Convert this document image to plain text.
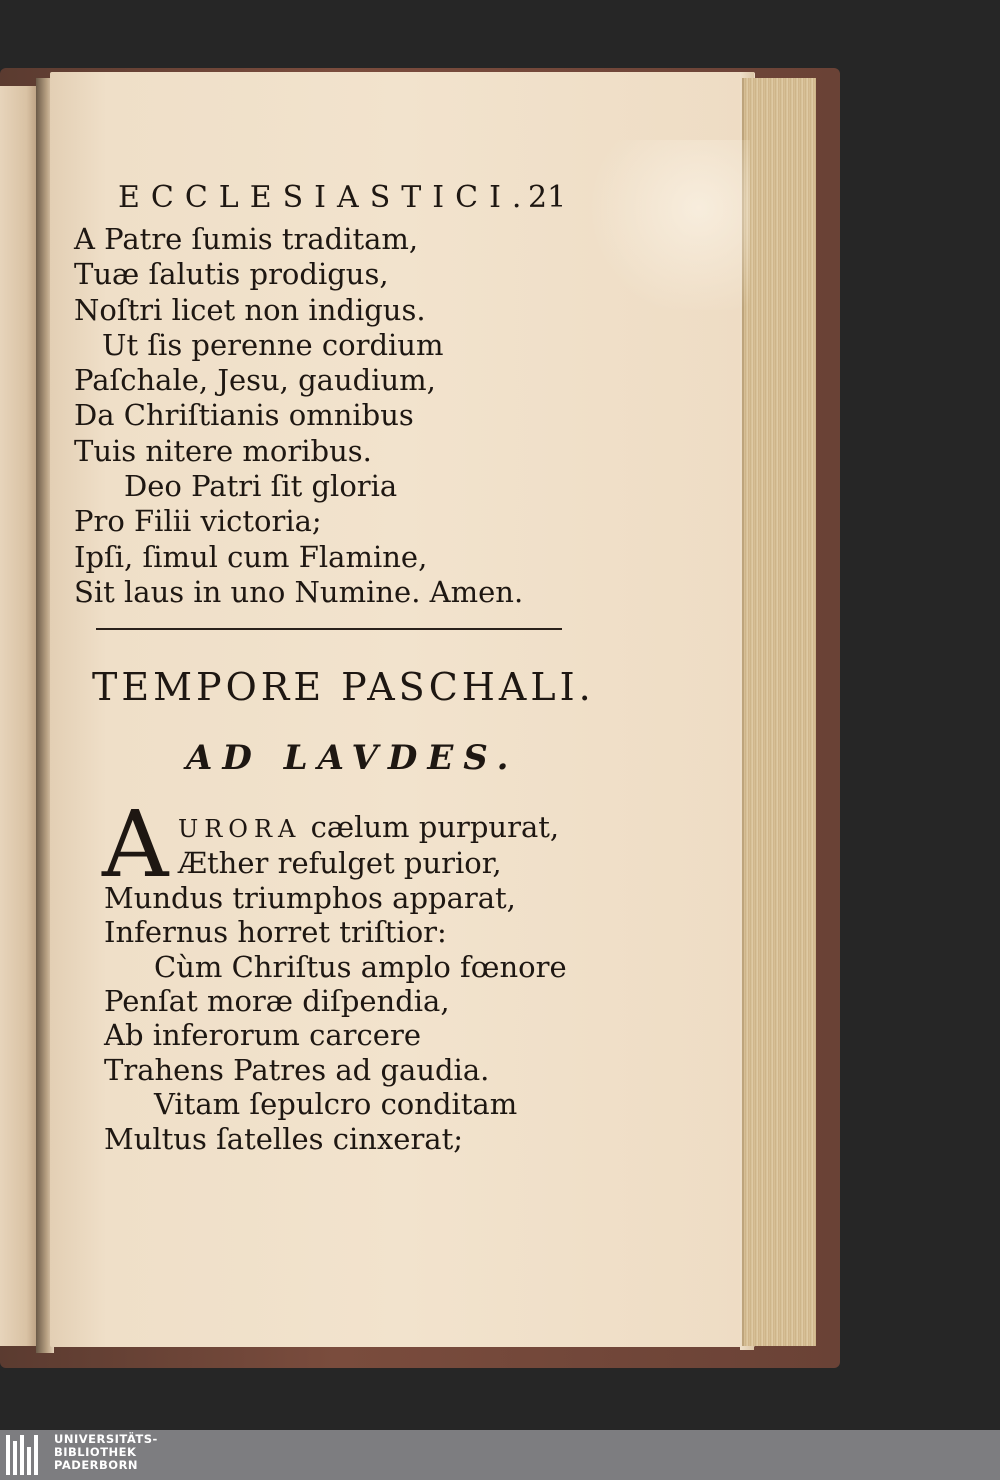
ECCLESIASTICI.
21
A Patre ſumis traditam,
Tuæ ſalutis prodigus,
Noſtri licet non indigus.
Ut ſis perenne cordium
Paſchale, Jesu, gaudium,
Da Chriſtianis omnibus
Tuis nitere moribus.
Deo Patri ſit gloria
Pro Filii victoria;
Ipſi, ſimul cum Flamine,
Sit laus in uno Numine. Amen.
TEMPORE PASCHALI.
AD LAVDES.
A URORA cælum purpurat,
Æther refulget purior,
Mundus triumphos apparat,
Infernus horret triſtior:
Cùm Chriſtus amplo fœnore
Penſat moræ diſpendia,
Ab inferorum carcere
Trahens Patres ad gaudia.
Vitam ſepulcro conditam
Multus ſatelles cinxerat;
UNIVERSITÄTS-
BIBLIOTHEK
PADERBORN
